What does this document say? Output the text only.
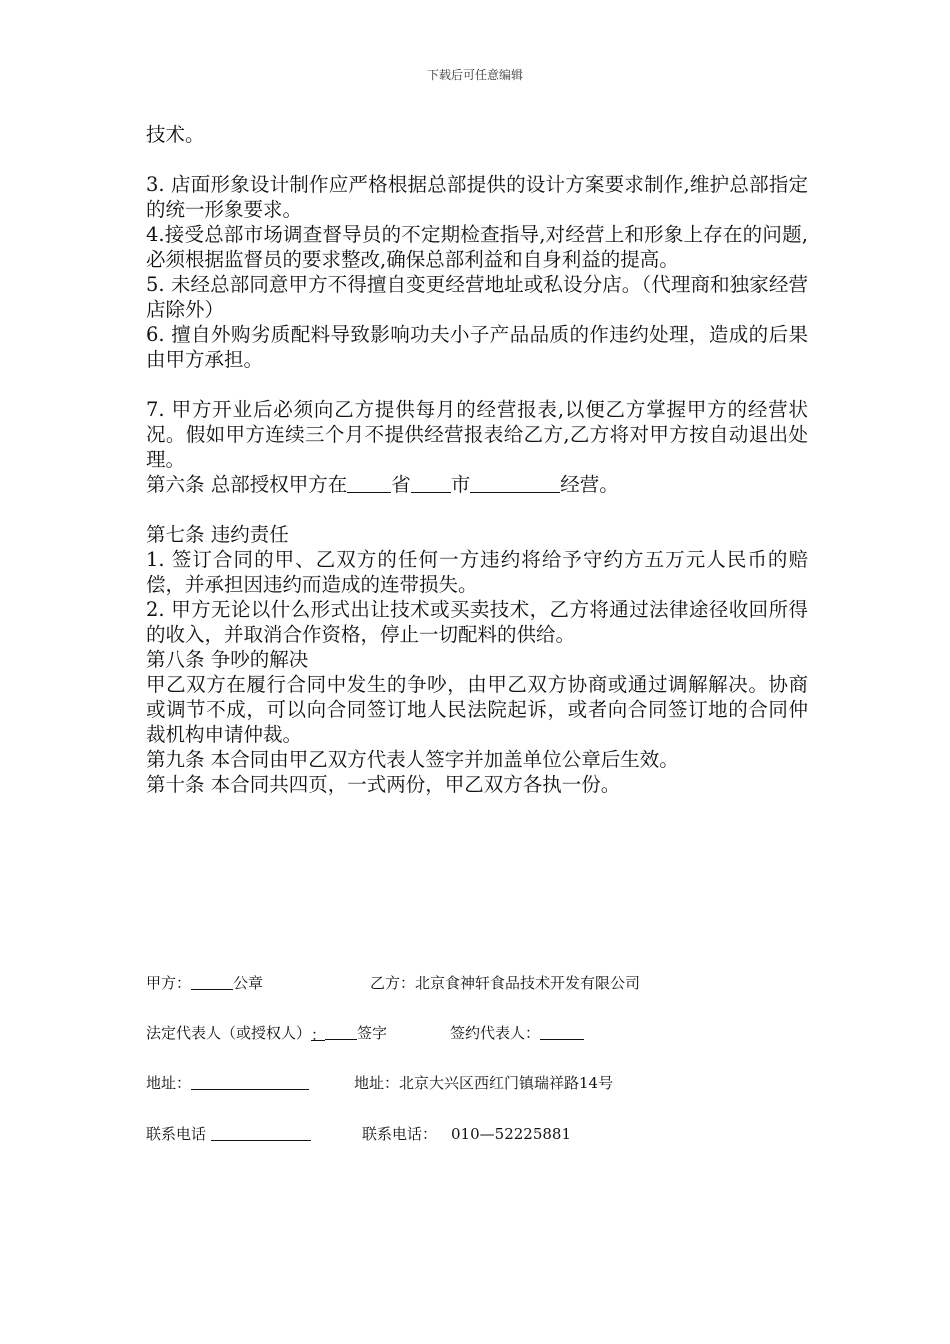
下载后可任意编辑

技术。

3. 店面形象设计制作应严格根据总部提供的设计方案要求制作,维护总部指定的统一形象要求。

4.接受总部市场调查督导员的不定期检查指导,对经营上和形象上存在的问题,必须根据监督员的要求整改,确保总部利益和自身利益的提高。

5. 未经总部同意甲方不得擅自变更经营地址或私设分店。（代理商和独家经营店除外）

6. 擅自外购劣质配料导致影响功夫小子产品品质的作违约处理，造成的后果由甲方承担。

7. 甲方开业后必须向乙方提供每月的经营报表,以便乙方掌握甲方的经营状况。假如甲方连续三个月不提供经营报表给乙方,乙方将对甲方按自动退出处理。

第六条 总部授权甲方在 省 市	经营。

第七条 违约责任

1. 签订合同的甲、乙双方的任何一方违约将给予守约方五万元人民币的赔偿，并承担因违约而造成的连带损失。

2. 甲方无论以什么形式出让技术或买卖技术，乙方将通过法律途径收回所得的收入，并取消合作资格，停止一切配料的供给。

第八条 争吵的解决

甲乙双方在履行合同中发生的争吵，由甲乙双方协商或通过调解解决。协商或调节不成，可以向合同签订地人民法院起诉，或者向合同签订地的合同仲裁机构申请仲裁。

第九条 本合同由甲乙双方代表人签字并加盖单位公章后生效。

第十条 本合同共四页，一式两份，甲乙双方各执一份。

甲方：	公章	乙方：北京食神轩食品技术开发有限公司
法定代表人（或授权人）： 签字	签约代表人：
地址：	地址：北京大兴区西红门镇瑞祥路14号
联系电话	联系电话： 010—52225881
